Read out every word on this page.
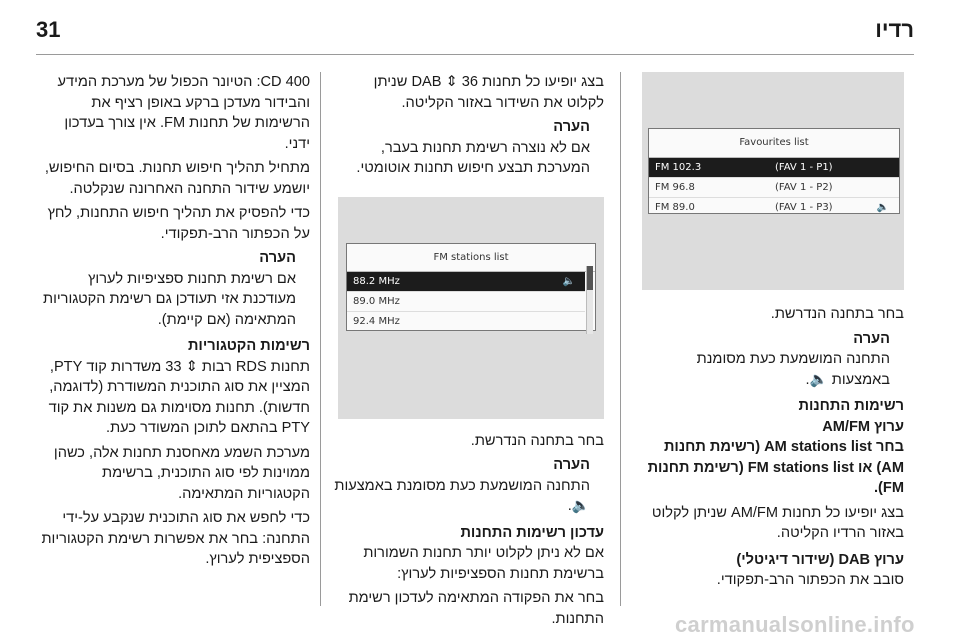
31	רדיו
Favourites list
FM 102.3	(FAV 1 - P1)
FM 96.8	(FAV 1 - P2)
FM 89.0	(FAV 1 - P3)	🔈

בחר בתחנה הנדרשת.

הערה

התחנה המושמעת כעת מסומנת באמצעות 🔈.

רשימות התחנות
ערוץ AM/FM

בחר AM stations list (רשימת תחנות AM) או FM stations list (רשימת תחנות FM).

בצג יופיעו כל תחנות AM/FM שניתן לקלוט באזור הרדיו הקליטה.

ערוץ DAB (שידור דיגיטלי)

סובב את הכפתור הרב-תפקודי.

בצג יופיעו כל תחנות DAB ⇕ 36 שניתן לקלוט את השידור באזור הקליטה.

הערה

אם לא נוצרה רשימת תחנות בעבר, המערכת תבצע חיפוש תחנות אוטומטי.

FM stations list
88.2 MHz	🔈
89.0 MHz
92.4 MHz

בחר בתחנה הנדרשת.

הערה

התחנה המושמעת כעת מסומנת באמצעות 🔈.

עדכון רשימות התחנות

אם לא ניתן לקלוט יותר תחנות השמורות ברשימת תחנות הספציפיות לערוץ:

בחר את הפקודה המתאימה לעדכון רשימת התחנות.

CD 400: הטיונר הכפול של מערכת המידע והבידור מעדכן ברקע באופן רציף את הרשימות של תחנות FM. אין צורך בעדכון ידני.

מתחיל תהליך חיפוש תחנות. בסיום החיפוש, יושמע שידור התחנה האחרונה שנקלטה.

כדי להפסיק את תהליך חיפוש התחנות, לחץ על הכפתור הרב-תפקודי.

הערה

אם רשימת תחנות ספציפיות לערוץ מעודכנת אזי תעודכן גם רשימת הקטגוריות המתאימה (אם קיימת).

רשימות הקטגוריות

תחנות RDS רבות ⇕ 33 משדרות קוד PTY, המציין את סוג התוכנית המשודרת (לדוגמה, חדשות). תחנות מסוימות גם משנות את קוד PTY בהתאם לתוכן המשודר כעת.

מערכת השמע מאחסנת תחנות אלה, כשהן ממוינות לפי סוג התוכנית, ברשימת הקטגוריות המתאימה.

כדי לחפש את סוג התוכנית שנקבע על-ידי התחנה: בחר את אפשרות רשימת הקטגוריות הספציפית לערוץ.

carmanualsonline.info
